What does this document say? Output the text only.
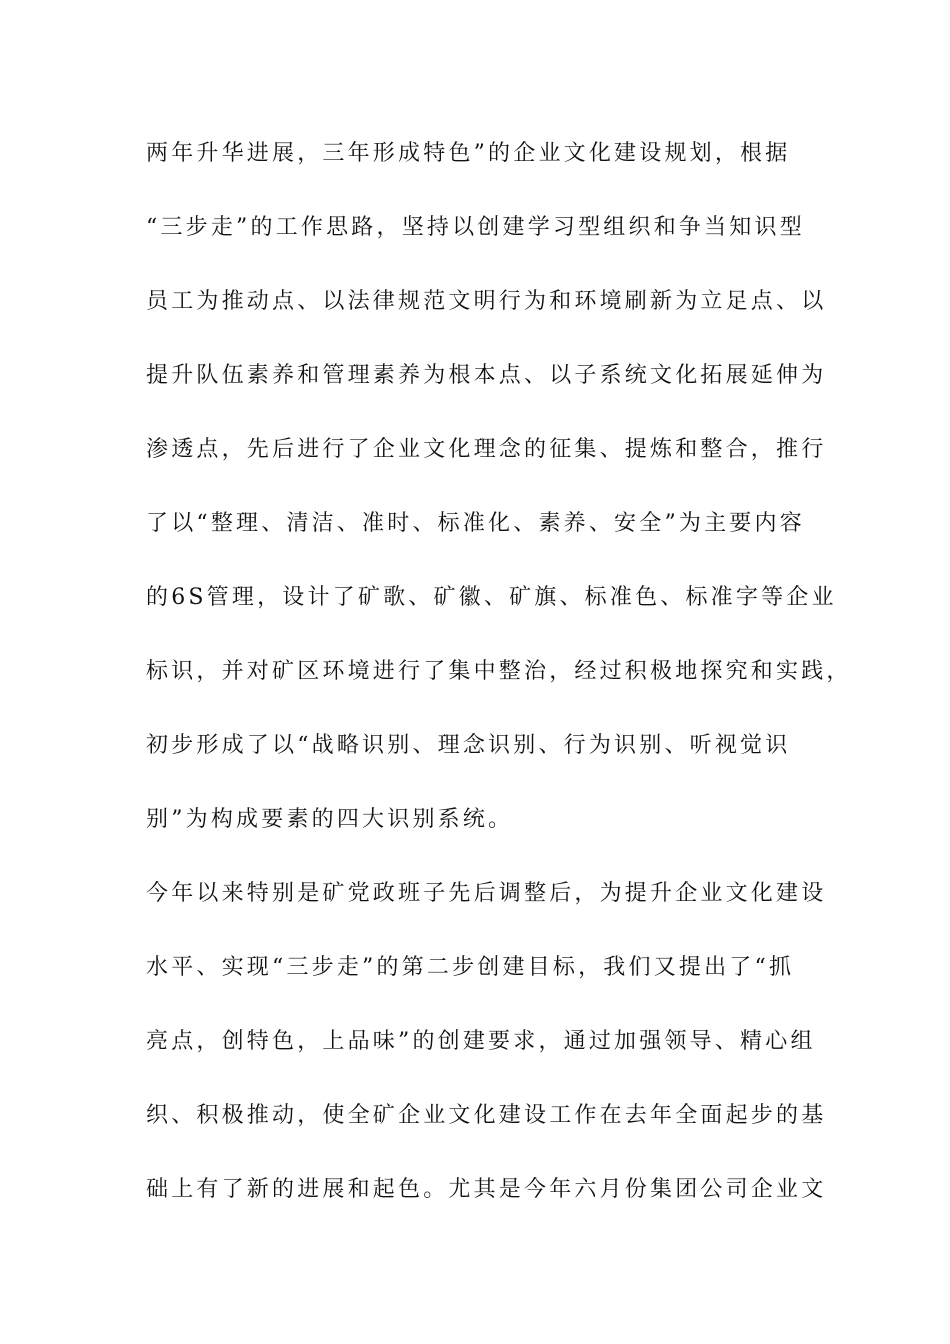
两年升华进展，三年形成特色”的企业文化建设规划，根据
“三步走”的工作思路，坚持以创建学习型组织和争当知识型
员工为推动点、以法律规范文明行为和环境刷新为立足点、以
提升队伍素养和管理素养为根本点、以子系统文化拓展延伸为
渗透点，先后进行了企业文化理念的征集、提炼和整合，推行
了以“整理、清洁、准时、标准化、素养、安全”为主要内容
的6S管理，设计了矿歌、矿徽、矿旗、标准色、标准字等企业
标识，并对矿区环境进行了集中整治，经过积极地探究和实践，
初步形成了以“战略识别、理念识别、行为识别、听视觉识
别”为构成要素的四大识别系统。
今年以来特别是矿党政班子先后调整后，为提升企业文化建设
水平、实现“三步走”的第二步创建目标，我们又提出了“抓
亮点，创特色，上品味”的创建要求，通过加强领导、精心组
织、积极推动，使全矿企业文化建设工作在去年全面起步的基
础上有了新的进展和起色。尤其是今年六月份集团公司企业文
